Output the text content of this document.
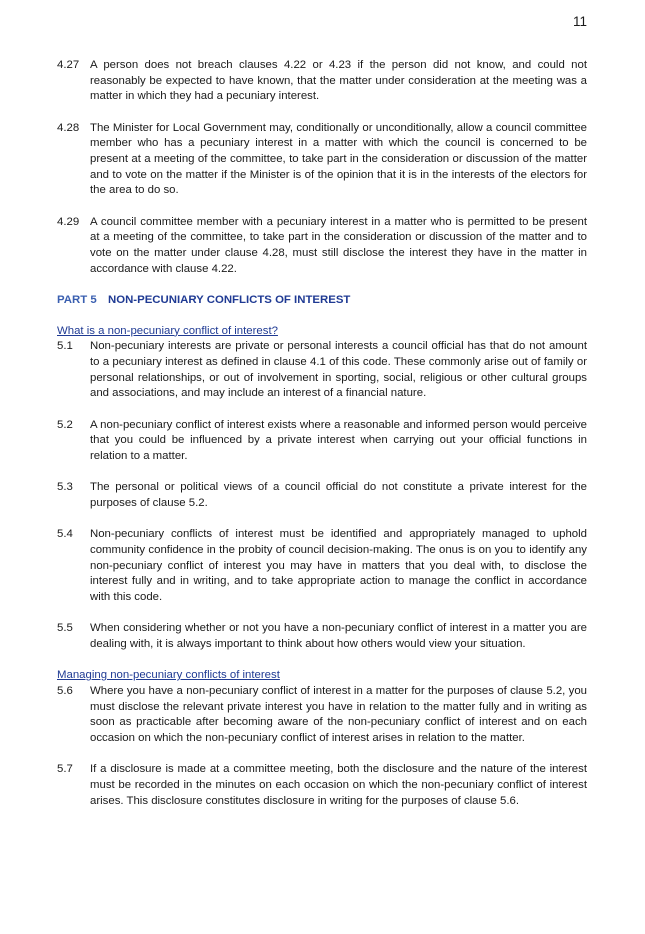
11
4.27 A person does not breach clauses 4.22 or 4.23 if the person did not know, and could not reasonably be expected to have known, that the matter under consideration at the meeting was a matter in which they had a pecuniary interest.
4.28 The Minister for Local Government may, conditionally or unconditionally, allow a council committee member who has a pecuniary interest in a matter with which the council is concerned to be present at a meeting of the committee, to take part in the consideration or discussion of the matter and to vote on the matter if the Minister is of the opinion that it is in the interests of the electors for the area to do so.
4.29 A council committee member with a pecuniary interest in a matter who is permitted to be present at a meeting of the committee, to take part in the consideration or discussion of the matter and to vote on the matter under clause 4.28, must still disclose the interest they have in the matter in accordance with clause 4.22.
PART 5 NON-PECUNIARY CONFLICTS OF INTEREST
What is a non-pecuniary conflict of interest?
5.1	Non-pecuniary interests are private or personal interests a council official has that do not amount to a pecuniary interest as defined in clause 4.1 of this code. These commonly arise out of family or personal relationships, or out of involvement in sporting, social, religious or other cultural groups and associations, and may include an interest of a financial nature.
5.2	A non-pecuniary conflict of interest exists where a reasonable and informed person would perceive that you could be influenced by a private interest when carrying out your official functions in relation to a matter.
5.3	The personal or political views of a council official do not constitute a private interest for the purposes of clause 5.2.
5.4	Non-pecuniary conflicts of interest must be identified and appropriately managed to uphold community confidence in the probity of council decision-making. The onus is on you to identify any non-pecuniary conflict of interest you may have in matters that you deal with, to disclose the interest fully and in writing, and to take appropriate action to manage the conflict in accordance with this code.
5.5	When considering whether or not you have a non-pecuniary conflict of interest in a matter you are dealing with, it is always important to think about how others would view your situation.
Managing non-pecuniary conflicts of interest
5.6	Where you have a non-pecuniary conflict of interest in a matter for the purposes of clause 5.2, you must disclose the relevant private interest you have in relation to the matter fully and in writing as soon as practicable after becoming aware of the non-pecuniary conflict of interest and on each occasion on which the non-pecuniary conflict of interest arises in relation to the matter.
5.7	If a disclosure is made at a committee meeting, both the disclosure and the nature of the interest must be recorded in the minutes on each occasion on which the non-pecuniary conflict of interest arises. This disclosure constitutes disclosure in writing for the purposes of clause 5.6.
